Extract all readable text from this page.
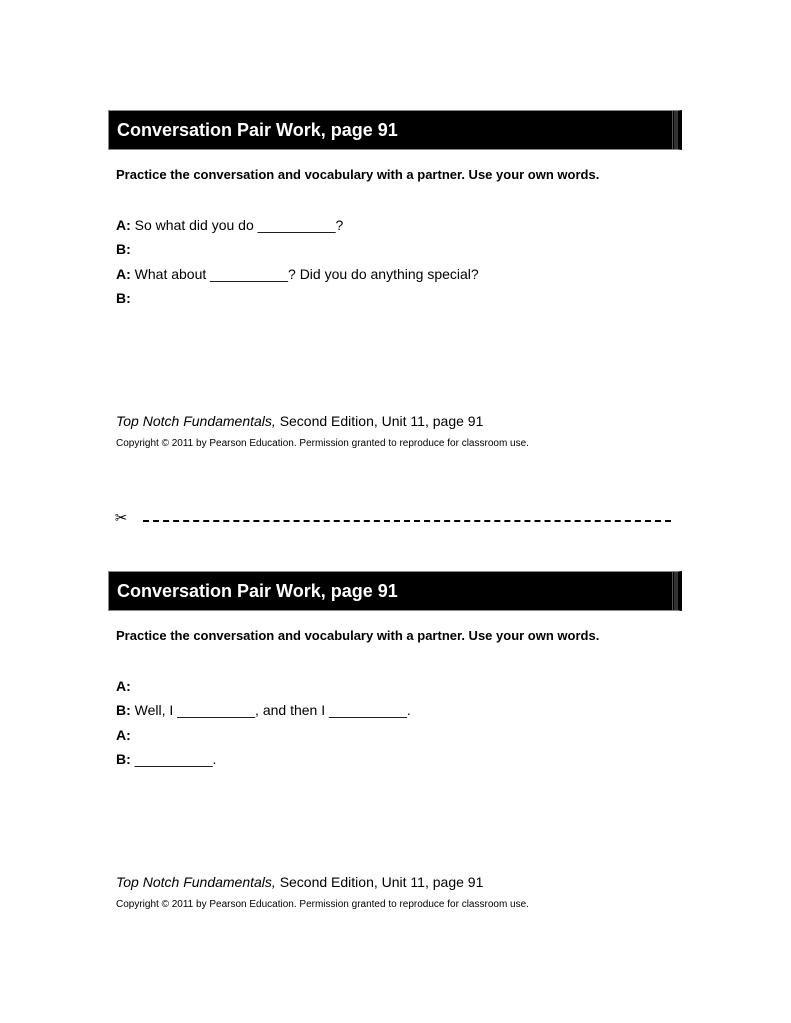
Conversation Pair Work, page 91
Practice the conversation and vocabulary with a partner. Use your own words.
A: So what did you do __________?
B:
A: What about __________? Did you do anything special?
B:
Top Notch Fundamentals, Second Edition, Unit 11, page 91
Copyright © 2011 by Pearson Education. Permission granted to reproduce for classroom use.
✂
Conversation Pair Work, page 91
Practice the conversation and vocabulary with a partner. Use your own words.
A:
B: Well, I __________, and then I __________.
A:
B: __________.
Top Notch Fundamentals, Second Edition, Unit 11, page 91
Copyright © 2011 by Pearson Education. Permission granted to reproduce for classroom use.
